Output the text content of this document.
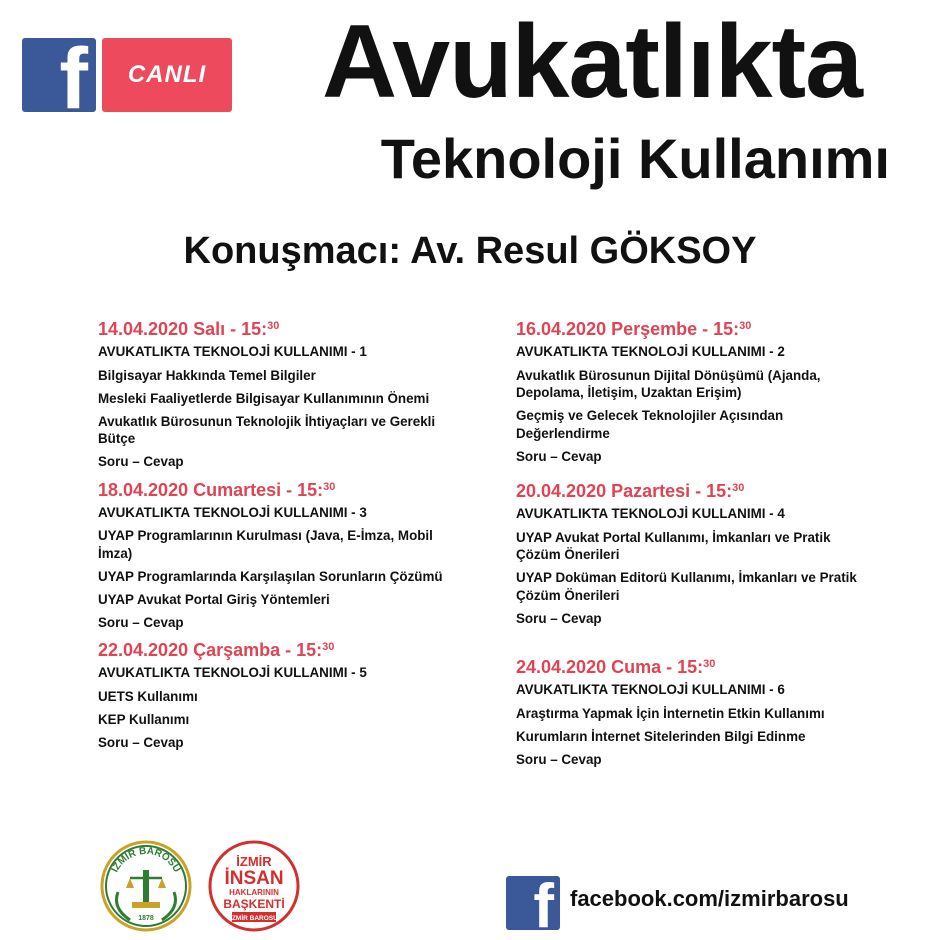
f	CANLI	Avukatlıkta
Teknoloji Kullanımı
Konuşmacı: Av. Resul GÖKSOY
14.04.2020 Salı - 15:$^{30}$
AVUKATLIKTA TEKNOLOJİ KULLANIMI - 1
Bilgisayar Hakkında Temel Bilgiler
Mesleki Faaliyetlerde Bilgisayar Kullanımının Önemi
Avukatlık Bürosunun Teknolojik İhtiyaçları ve Gerekli Bütçe
Soru – Cevap
18.04.2020 Cumartesi - 15:$^{30}$
AVUKATLIKTA TEKNOLOJİ KULLANIMI - 3
UYAP Programlarının Kurulması (Java, E-İmza, Mobil İmza)
UYAP Programlarında Karşılaşılan Sorunların Çözümü
UYAP Avukat Portal Giriş Yöntemleri
Soru – Cevap
22.04.2020 Çarşamba - 15:$^{30}$
AVUKATLIKTA TEKNOLOJİ KULLANIMI - 5
UETS Kullanımı
KEP Kullanımı
Soru – Cevap
16.04.2020 Perşembe - 15:$^{30}$
AVUKATLIKTA TEKNOLOJİ KULLANIMI - 2
Avukatlık Bürosunun Dijital Dönüşümü (Ajanda, Depolama, İletişim, Uzaktan Erişim)
Geçmiş ve Gelecek Teknolojiler Açısından Değerlendirme
Soru – Cevap
20.04.2020 Pazartesi - 15:$^{30}$
AVUKATLIKTA TEKNOLOJİ KULLANIMI - 4
UYAP Avukat Portal Kullanımı, İmkanları ve Pratik Çözüm Önerileri
UYAP Doküman Editorü Kullanımı, İmkanları ve Pratik Çözüm Önerileri
Soru – Cevap
24.04.2020 Cuma - 15:$^{30}$
AVUKATLIKTA TEKNOLOJİ KULLANIMI - 6
Araştırma Yapmak İçin İnternetin Etkin Kullanımı
Kurumların İnternet Sitelerinden Bilgi Edinme
Soru – Cevap
İZMİR BAROSU
1878
İZMİR
İNSAN
HAKLARININ
BAŞKENTİ
İZMİR BAROSU	f facebook.com/izmirbarosu
